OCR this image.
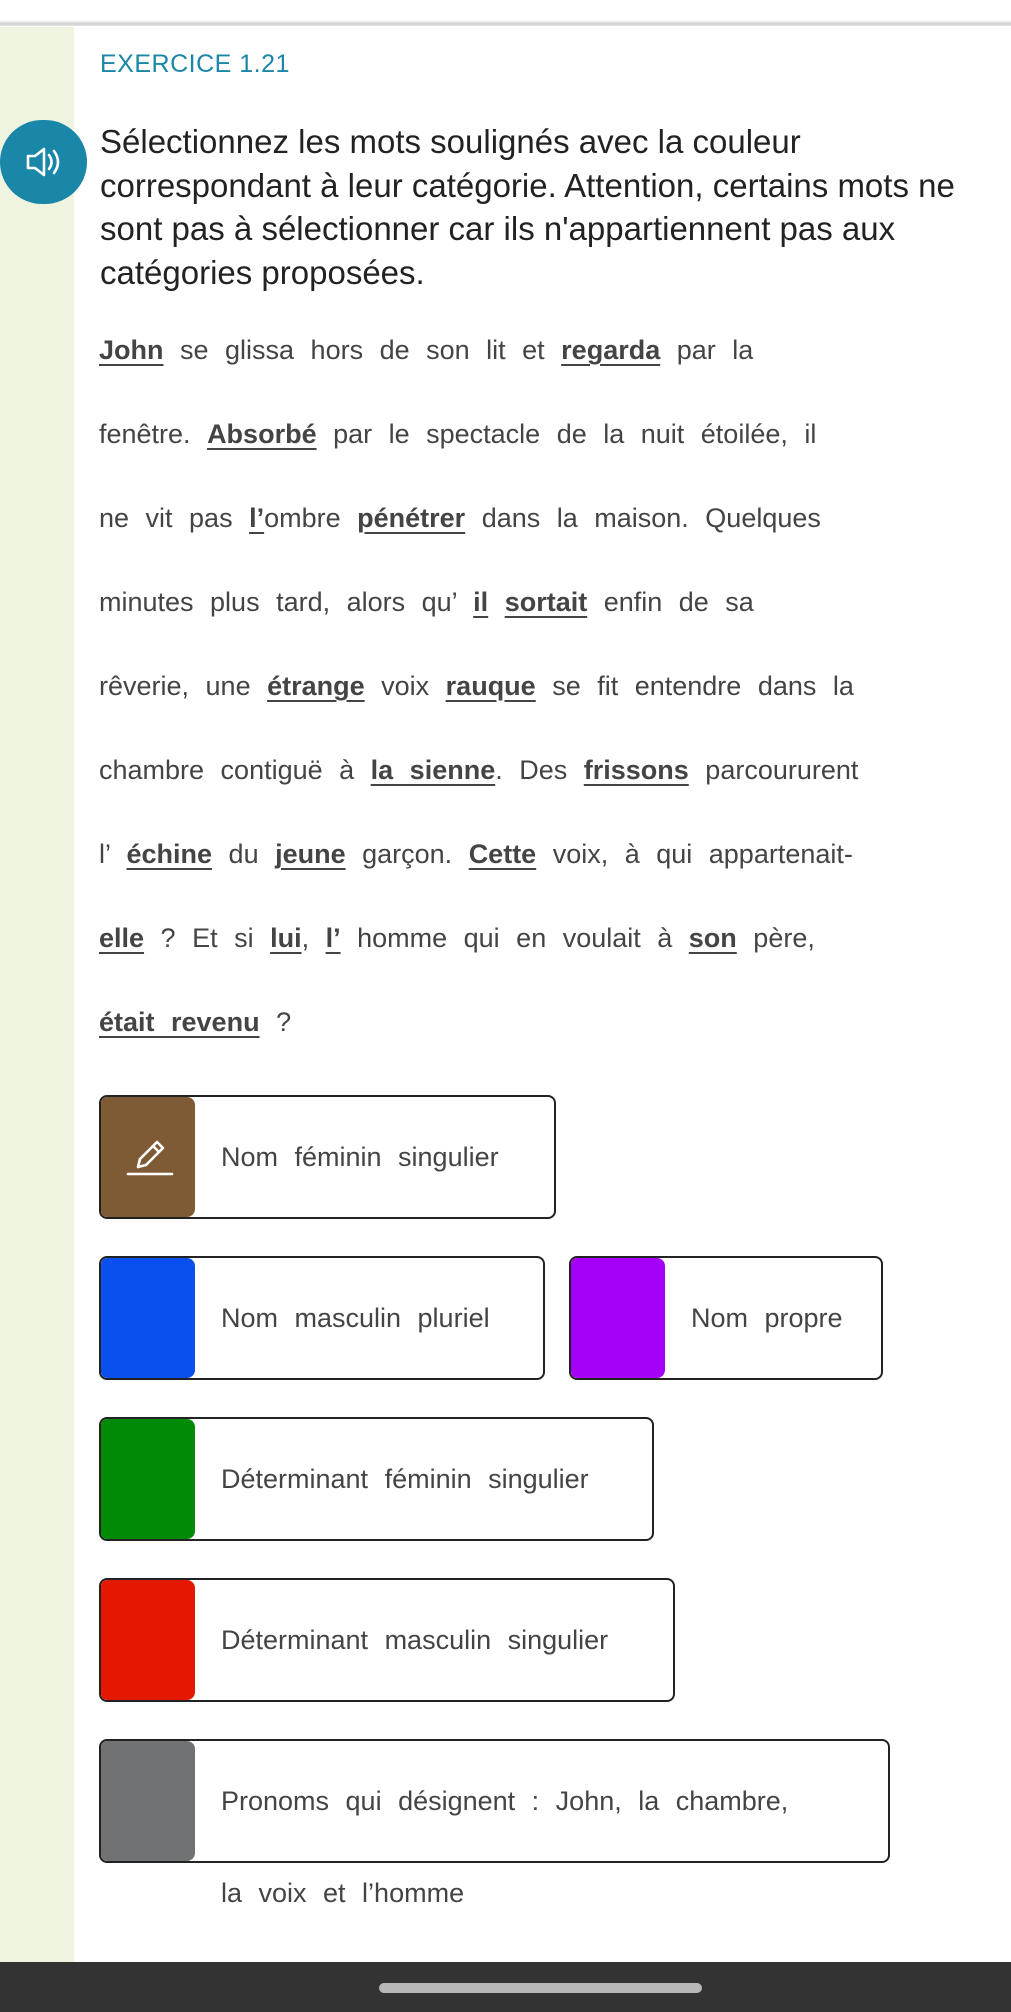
EXERCICE 1.21
Sélectionnez les mots soulignés avec la couleur correspondant à leur catégorie. Attention, certains mots ne sont pas à sélectionner car ils n'appartiennent pas aux catégories proposées.
John se glissa hors de son lit et regarda par la
fenêtre. Absorbé par le spectacle de la nuit étoilée, il
ne vit pas l’ombre pénétrer dans la maison. Quelques
minutes plus tard, alors qu’ il sortait enfin de sa
rêverie, une étrange voix rauque se fit entendre dans la
chambre contiguë à la sienne. Des frissons parcoururent
l’ échine du jeune garçon. Cette voix, à qui appartenait-
elle ? Et si lui, l’ homme qui en voulait à son père,
était revenu ?
Nom féminin singulier
Nom masculin pluriel	Nom propre
Déterminant féminin singulier
Déterminant masculin singulier
Pronoms qui désignent : John, la chambre,
la voix et l’homme
